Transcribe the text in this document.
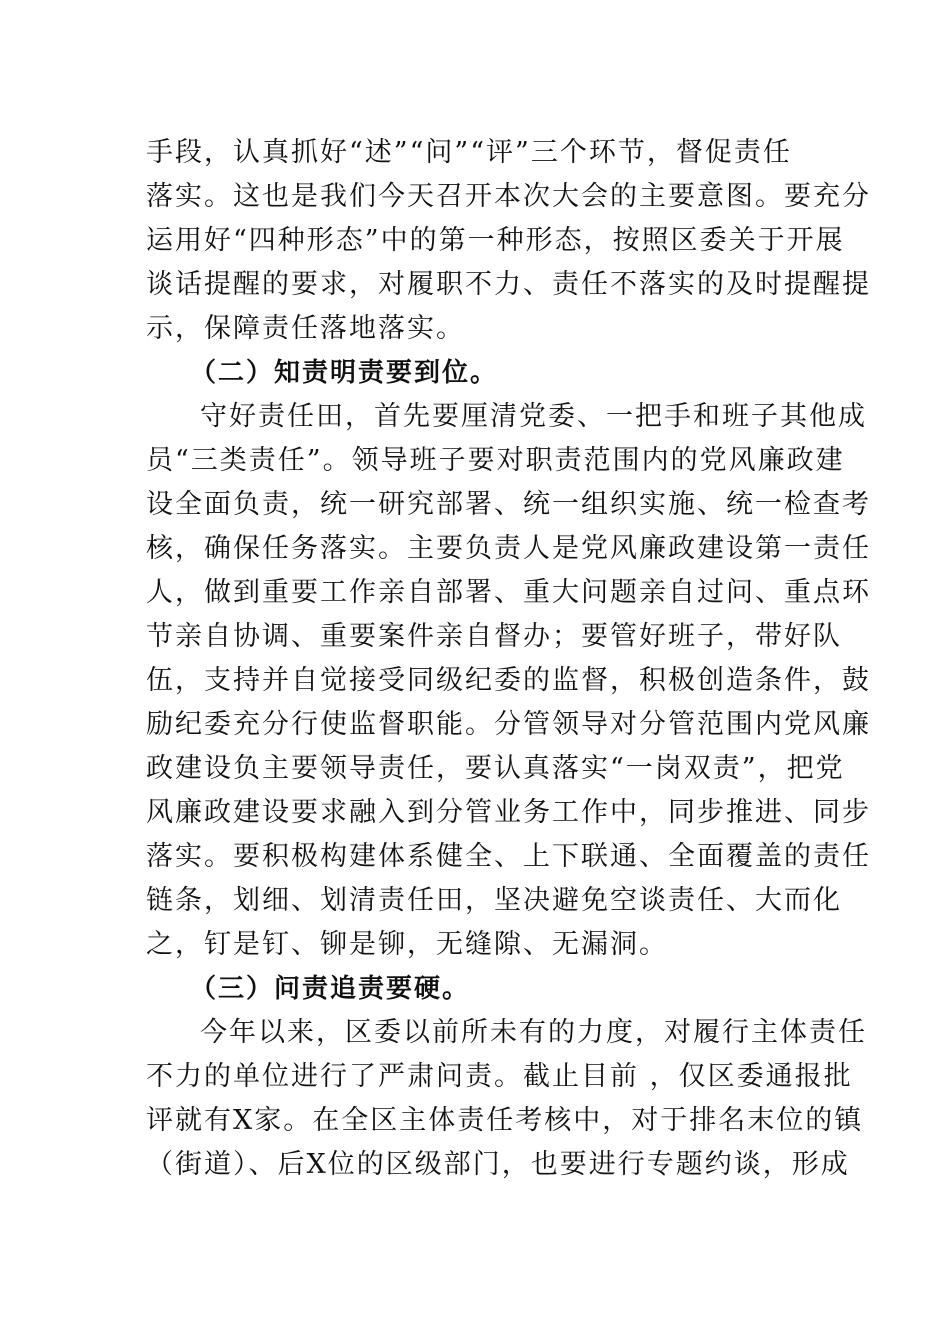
手段，认真抓好“述”“问”“评”三个环节，督促责任
落实。这也是我们今天召开本次大会的主要意图。要充分
运用好“四种形态”中的第一种形态，按照区委关于开展
谈话提醒的要求，对履职不力、责任不落实的及时提醒提
示，保障责任落地落实。
（二）知责明责要到位。
守好责任田，首先要厘清党委、一把手和班子其他成
员“三类责任”。领导班子要对职责范围内的党风廉政建
设全面负责，统一研究部署、统一组织实施、统一检查考
核，确保任务落实。主要负责人是党风廉政建设第一责任
人，做到重要工作亲自部署、重大问题亲自过问、重点环
节亲自协调、重要案件亲自督办；要管好班子，带好队
伍，支持并自觉接受同级纪委的监督，积极创造条件，鼓
励纪委充分行使监督职能。分管领导对分管范围内党风廉
政建设负主要领导责任，要认真落实“一岗双责”，把党
风廉政建设要求融入到分管业务工作中，同步推进、同步
落实。要积极构建体系健全、上下联通、全面覆盖的责任
链条，划细、划清责任田，坚决避免空谈责任、大而化
之，钉是钉、铆是铆，无缝隙、无漏洞。
（三）问责追责要硬。
今年以来，区委以前所未有的力度，对履行主体责任
不力的单位进行了严肃问责。截止目前 ，仅区委通报批
评就有X家。在全区主体责任考核中，对于排名末位的镇
（街道）、后X位的区级部门，也要进行专题约谈，形成
